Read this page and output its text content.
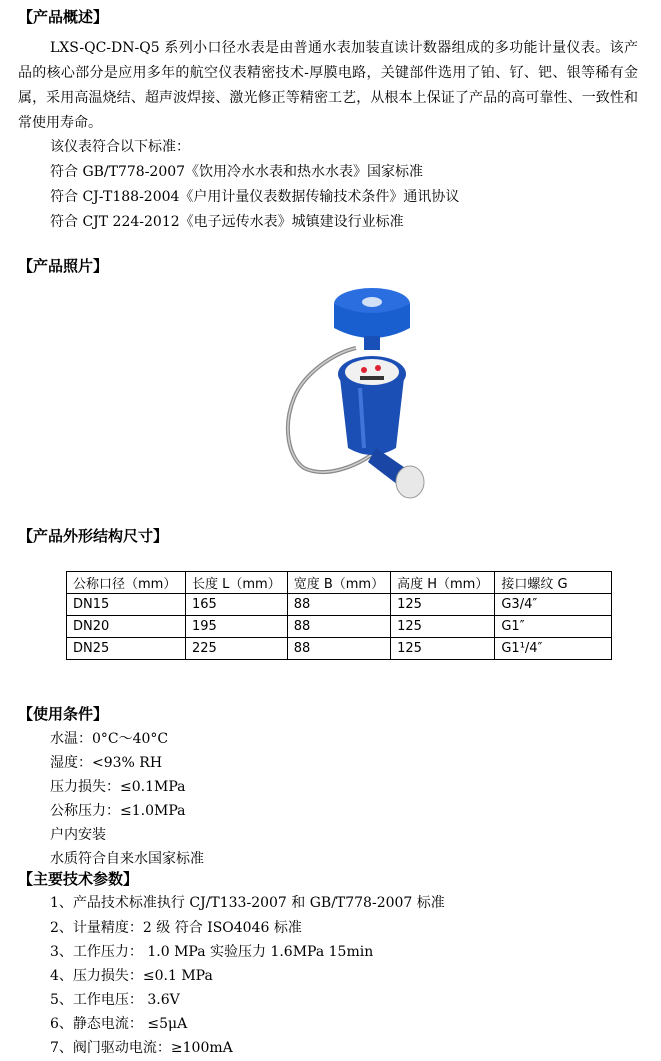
【产品概述】
LXS-QC-DN-Q5 系列小口径水表是由普通水表加装直读计数器组成的多功能计量仪表。该产品的核心部分是应用多年的航空仪表精密技术-厚膜电路，关键部件选用了铂、钌、钯、银等稀有金属，采用高温烧结、超声波焊接、激光修正等精密工艺，从根本上保证了产品的高可靠性、一致性和常使用寿命。
该仪表符合以下标准：
符合 GB/T778-2007《饮用冷水水表和热水水表》国家标准
符合 CJ-T188-2004《户用计量仪表数据传输技术条件》通讯协议
符合 CJT 224-2012《电子远传水表》城镇建设行业标准
【产品照片】
【产品外形结构尺寸】
公称口径（mm）	长度 L（mm）	宽度 B（mm）	高度 H（mm）	接口螺纹 G
DN15	165	88	125	G3/4″
DN20	195	88	125	G1″
DN25	225	88	125	G1¹/4″
【使用条件】
水温：0°C～40°C
湿度：<93% RH
压力损失：≤0.1MPa
公称压力：≤1.0MPa
户内安装
水质符合自来水国家标准
【主要技术参数】
1、产品技术标准执行 CJ/T133-2007 和 GB/T778-2007 标准
2、计量精度：2 级 符合 ISO4046 标准
3、工作压力： 1.0 MPa 实验压力 1.6MPa 15min
4、压力损失：≤0.1 MPa
5、工作电压： 3.6V
6、静态电流： ≤5μA
7、阀门驱动电流：≥100mA
